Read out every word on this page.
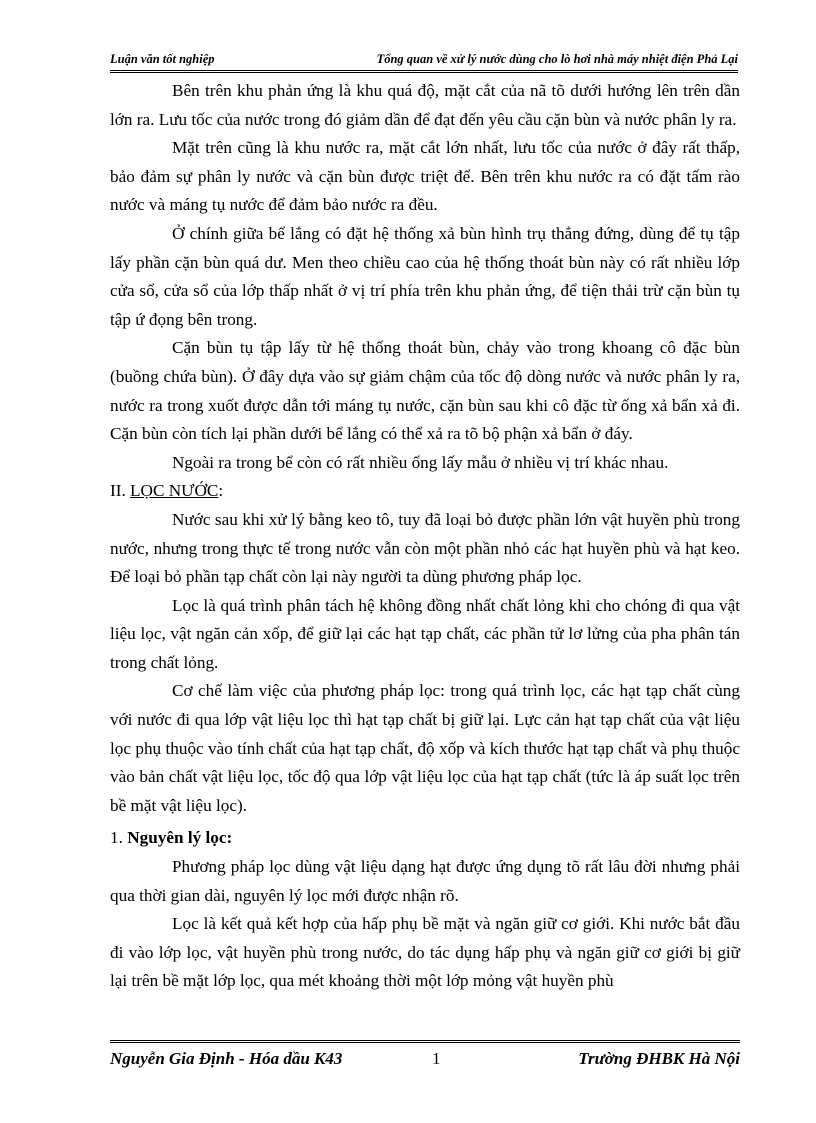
Luận văn tốt nghiệp	Tổng quan về xử lý nước dùng cho lò hơi nhà máy nhiệt điện Phả Lại

Bên trên khu phản ứng là khu quá độ, mặt cắt của nã tõ dưới hướng lên trên dần lớn ra. Lưu tốc của nước trong đó giảm dần để đạt đến yêu cầu cặn bùn và nước phân ly ra.

Mặt trên cũng là khu nước ra, mặt cắt lớn nhất, lưu tốc của nước ở đây rất thấp, bảo đảm sự phân ly nước và cặn bùn được triệt để. Bên trên khu nước ra có đặt tấm rào nước và máng tụ nước để đảm bảo nước ra đều.

Ở chính giữa bể lắng có đặt hệ thống xả bùn hình trụ thẳng đứng, dùng để tụ tập lấy phần cặn bùn quá dư. Men theo chiều cao của hệ thống thoát bùn này có rất nhiều lớp cửa sổ, cửa sổ của lớp thấp nhất ở vị trí phía trên khu phản ứng, để tiện thải trừ cặn bùn tụ tập ứ đọng bên trong.

Cặn bùn tụ tập lấy từ hệ thống thoát bùn, chảy vào trong khoang cô đặc bùn (buồng chứa bùn). Ở đây dựa vào sự giảm chậm của tốc độ dòng nước và nước phân ly ra, nước ra trong xuốt được dẫn tới máng tụ nước, cặn bùn sau khi cô đặc từ ống xả bẩn xả đi. Cặn bùn còn tích lại phần dưới bể lắng có thể xả ra tõ bộ phận xả bẩn ở đáy.

Ngoài ra trong bể còn có rất nhiều ống lấy mẫu ở nhiều vị trí khác nhau.

II. LỌC NƯỚC:

Nước sau khi xử lý bằng keo tô, tuy đã loại bỏ được phần lớn vật huyền phù trong nước, nhưng trong thực tế trong nước vẫn còn một phần nhỏ các hạt huyền phù và hạt keo. Để loại bỏ phần tạp chất còn lại này người ta dùng phương pháp lọc.

Lọc là quá trình phân tách hệ không đồng nhất chất lỏng khi cho chóng đi qua vật liệu lọc, vật ngăn cản xốp, để giữ lại các hạt tạp chất, các phần tử lơ lửng của pha phân tán trong chất lỏng.

Cơ chế làm việc của phương pháp lọc: trong quá trình lọc, các hạt tạp chất cùng với nước đi qua lớp vật liệu lọc thì hạt tạp chất bị giữ lại. Lực cản hạt tạp chất của vật liệu lọc phụ thuộc vào tính chất của hạt tạp chất, độ xốp và kích thước hạt tạp chất và phụ thuộc vào bản chất vật liệu lọc, tốc độ qua lớp vật liệu lọc của hạt tạp chất (tức là áp suất lọc trên bề mặt vật liệu lọc).

1. Nguyên lý lọc:

Phương pháp lọc dùng vật liệu dạng hạt được ứng dụng tõ rất lâu đời nhưng phải qua thời gian dài, nguyên lý lọc mới được nhận rõ.

Lọc là kết quả kết hợp của hấp phụ bề mặt và ngăn giữ cơ giới. Khi nước bắt đầu đi vào lớp lọc, vật huyền phù trong nước, do tác dụng hấp phụ và ngăn giữ cơ giới bị giữ lại trên bề mặt lớp lọc, qua mét khoảng thời một lớp mỏng vật huyền phù

Nguyễn Gia Định - Hóa dầu K43	1	Trường ĐHBK Hà Nội
